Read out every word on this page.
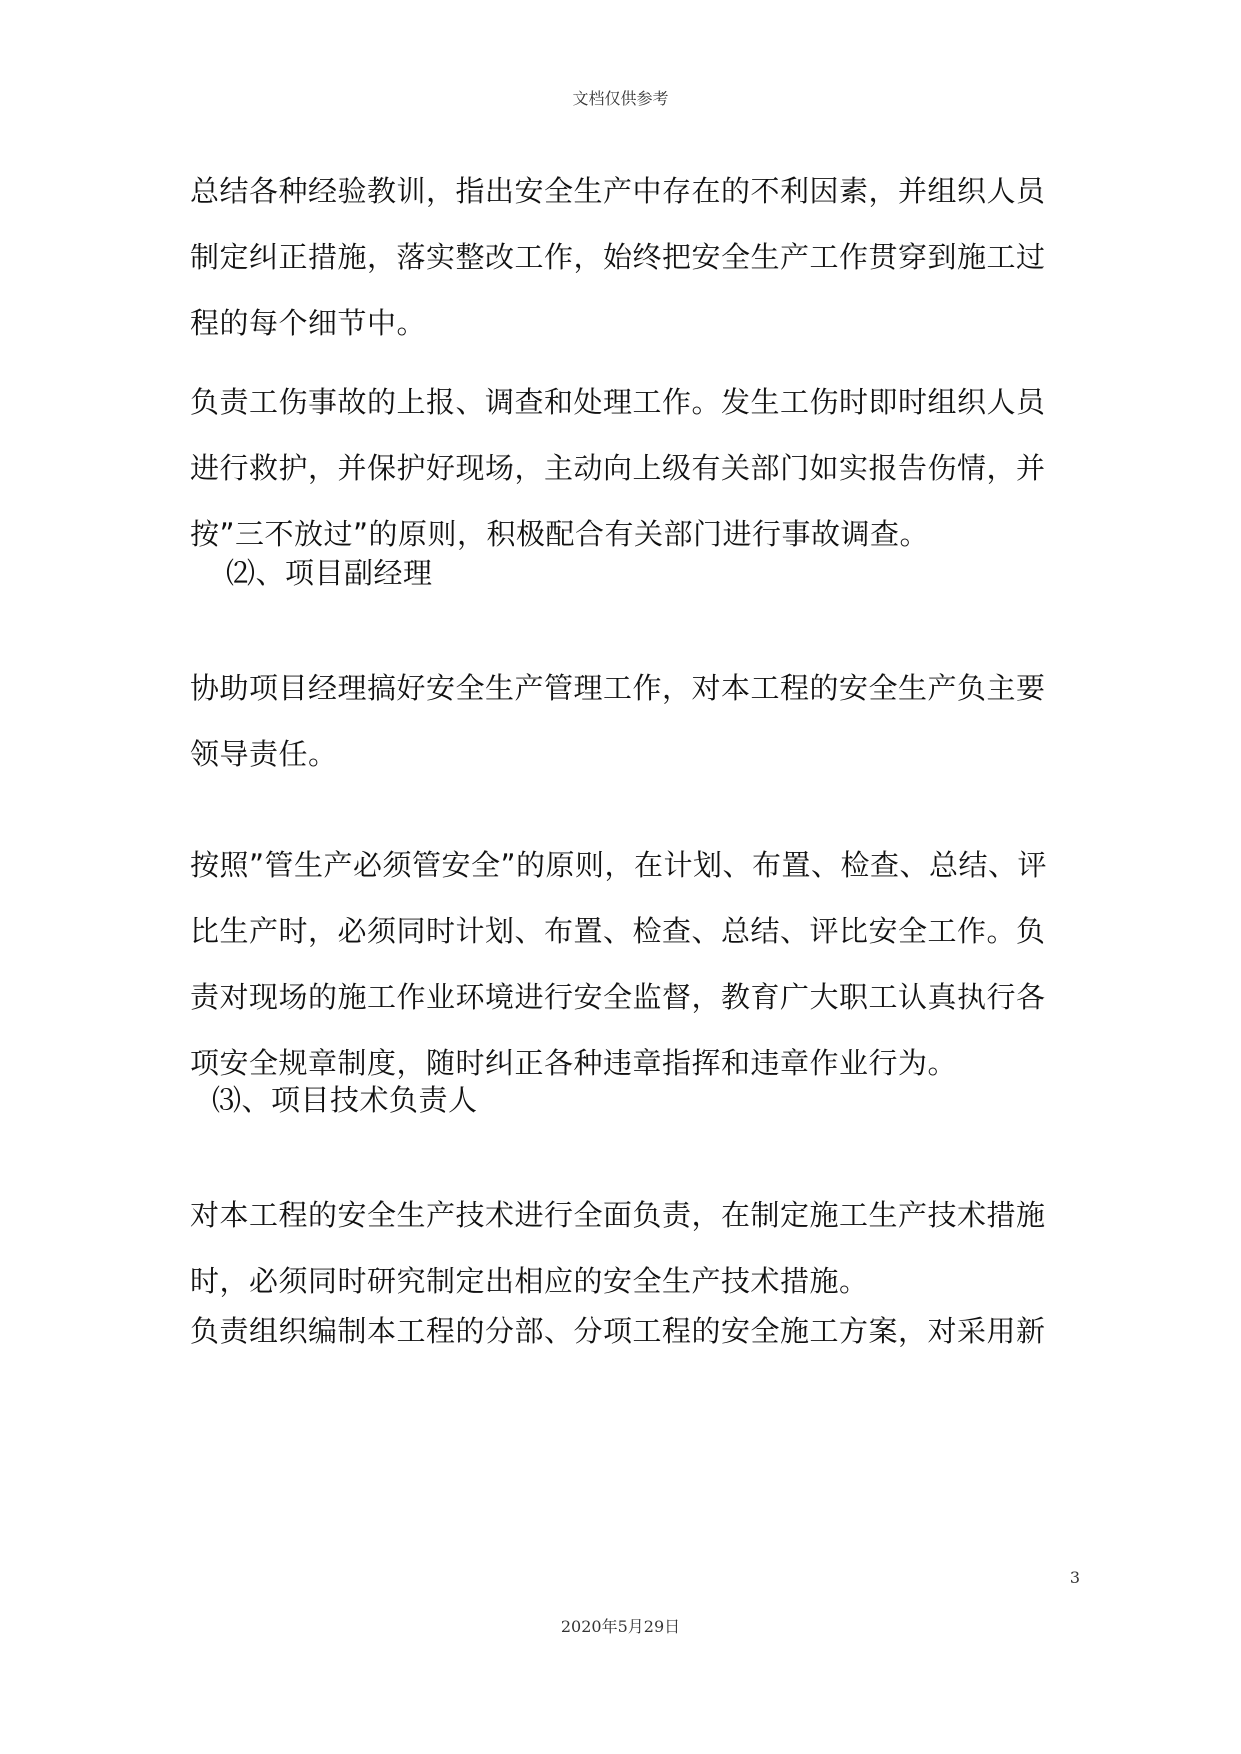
文档仅供参考

总结各种经验教训，指出安全生产中存在的不利因素，并组织人员制定纠正措施，落实整改工作，始终把安全生产工作贯穿到施工过程的每个细节中。

负责工伤事故的上报、调查和处理工作。发生工伤时即时组织人员进行救护，并保护好现场，主动向上级有关部门如实报告伤情，并按”三不放过”的原则，积极配合有关部门进行事故调查。

⑵、项目副经理

协助项目经理搞好安全生产管理工作，对本工程的安全生产负主要领导责任。

按照”管生产必须管安全”的原则，在计划、布置、检查、总结、评比生产时，必须同时计划、布置、检查、总结、评比安全工作。负责对现场的施工作业环境进行安全监督，教育广大职工认真执行各项安全规章制度，随时纠正各种违章指挥和违章作业行为。

⑶、项目技术负责人

对本工程的安全生产技术进行全面负责，在制定施工生产技术措施时，必须同时研究制定出相应的安全生产技术措施。

负责组织编制本工程的分部、分项工程的安全施工方案，对采用新

3
2020年5月29日
